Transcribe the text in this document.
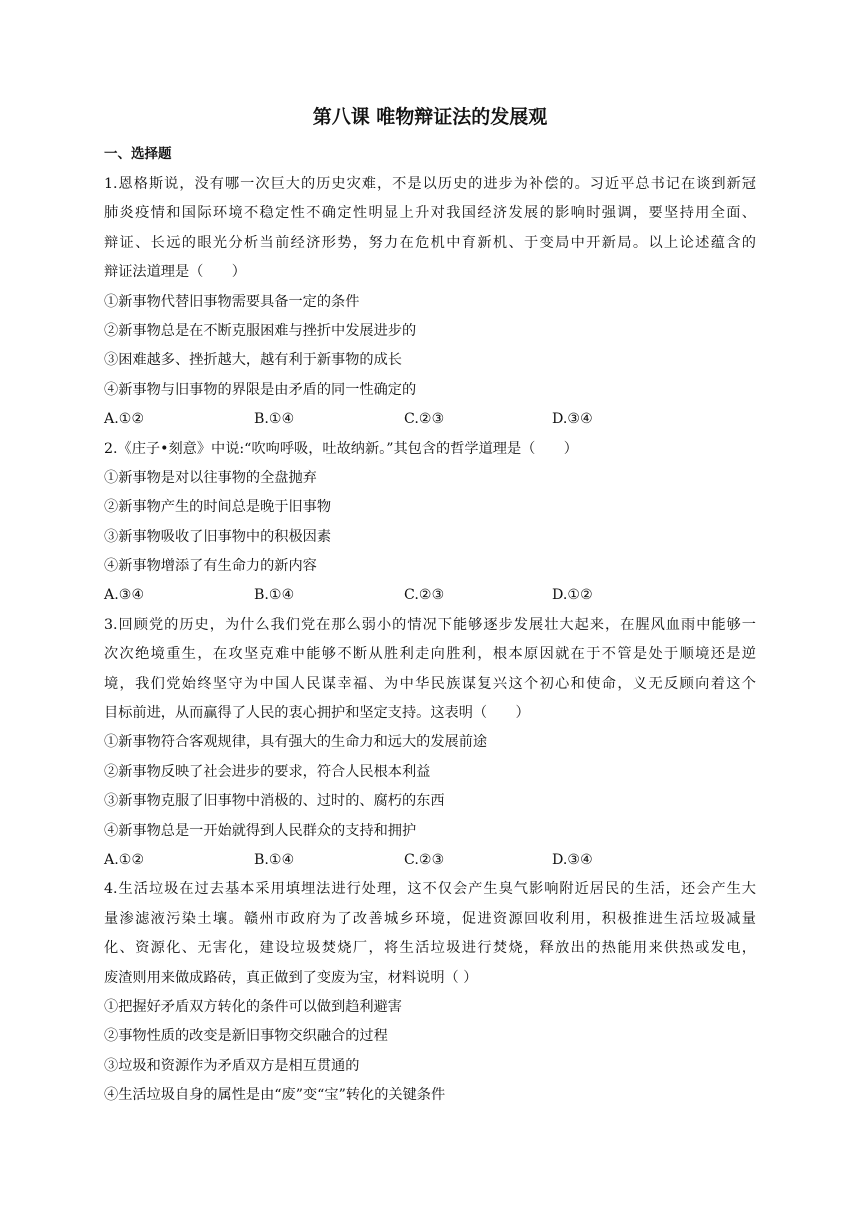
第八课 唯物辩证法的发展观
一、选择题
1.恩格斯说，没有哪一次巨大的历史灾难，不是以历史的进步为补偿的。习近平总书记在谈到新冠
肺炎疫情和国际环境不稳定性不确定性明显上升对我国经济发展的影响时强调，要坚持用全面、
辩证、长远的眼光分析当前经济形势，努力在危机中育新机、于变局中开新局。以上论述蕴含的
辩证法道理是（　　）
①新事物代替旧事物需要具备一定的条件
②新事物总是在不断克服困难与挫折中发展进步的
③困难越多、挫折越大，越有利于新事物的成长
④新事物与旧事物的界限是由矛盾的同一性确定的
A.①②	B.①④	C.②③	D.③④
2.《庄子•刻意》中说:“吹呴呼吸，吐故纳新。”其包含的哲学道理是（　　）
①新事物是对以往事物的全盘抛弃
②新事物产生的时间总是晚于旧事物
③新事物吸收了旧事物中的积极因素
④新事物增添了有生命力的新内容
A.③④	B.①④	C.②③	D.①②
3.回顾党的历史，为什么我们党在那么弱小的情况下能够逐步发展壮大起来，在腥风血雨中能够一
次次绝境重生，在攻坚克难中能够不断从胜利走向胜利，根本原因就在于不管是处于顺境还是逆
境，我们党始终坚守为中国人民谋幸福、为中华民族谋复兴这个初心和使命，义无反顾向着这个
目标前进，从而赢得了人民的衷心拥护和坚定支持。这表明（　　）
①新事物符合客观规律，具有强大的生命力和远大的发展前途
②新事物反映了社会进步的要求，符合人民根本利益
③新事物克服了旧事物中消极的、过时的、腐朽的东西
④新事物总是一开始就得到人民群众的支持和拥护
A.①②	B.①④	C.②③	D.③④
4.生活垃圾在过去基本采用填埋法进行处理，这不仅会产生臭气影响附近居民的生活，还会产生大
量渗滤液污染土壤。赣州市政府为了改善城乡环境，促进资源回收利用，积极推进生活垃圾减量
化、资源化、无害化，建设垃圾焚烧厂，将生活垃圾进行焚烧，释放出的热能用来供热或发电，
废渣则用来做成路砖，真正做到了变废为宝，材料说明（ ）
①把握好矛盾双方转化的条件可以做到趋利避害
②事物性质的改变是新旧事物交织融合的过程
③垃圾和资源作为矛盾双方是相互贯通的
④生活垃圾自身的属性是由“废”变“宝”转化的关键条件
